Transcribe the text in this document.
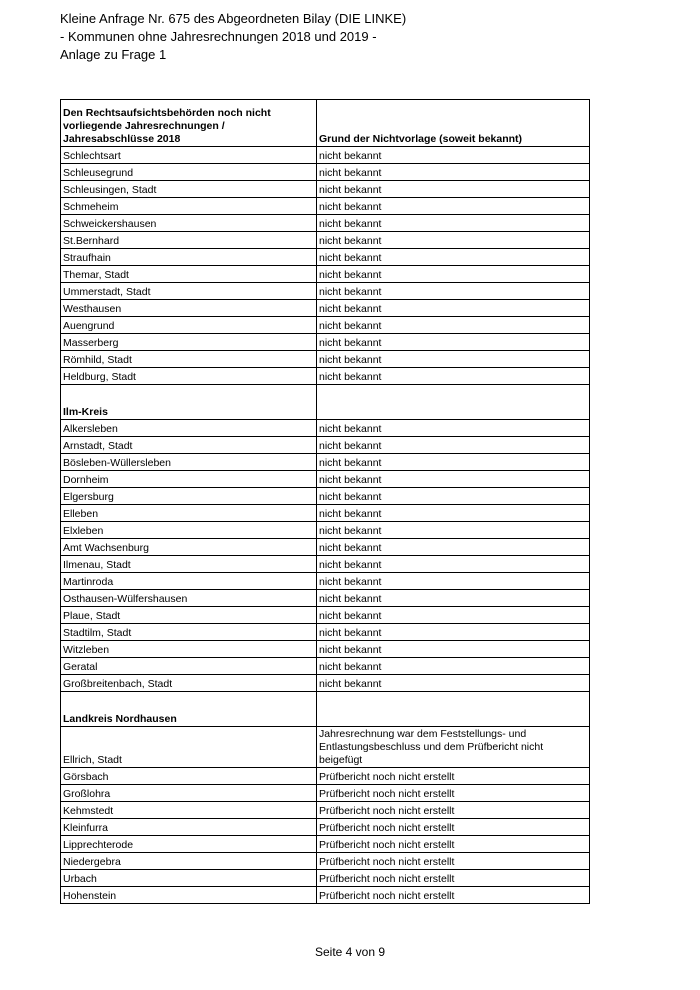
Kleine Anfrage Nr. 675 des Abgeordneten Bilay (DIE LINKE)
- Kommunen ohne Jahresrechnungen 2018 und 2019 -
Anlage zu Frage 1
Den Rechtsaufsichtsbehörden noch nicht vorliegende Jahresrechnungen / Jahresabschlüsse 2018	Grund der Nichtvorlage (soweit bekannt)
Schlechtsart	nicht bekannt
Schleusegrund	nicht bekannt
Schleusingen, Stadt	nicht bekannt
Schmeheim	nicht bekannt
Schweickershausen	nicht bekannt
St.Bernhard	nicht bekannt
Straufhain	nicht bekannt
Themar, Stadt	nicht bekannt
Ummerstadt, Stadt	nicht bekannt
Westhausen	nicht bekannt
Auengrund	nicht bekannt
Masserberg	nicht bekannt
Römhild, Stadt	nicht bekannt
Heldburg, Stadt	nicht bekannt
Ilm-Kreis	
Alkersleben	nicht bekannt
Arnstadt, Stadt	nicht bekannt
Bösleben-Wüllersleben	nicht bekannt
Dornheim	nicht bekannt
Elgersburg	nicht bekannt
Elleben	nicht bekannt
Elxleben	nicht bekannt
Amt Wachsenburg	nicht bekannt
Ilmenau, Stadt	nicht bekannt
Martinroda	nicht bekannt
Osthausen-Wülfershausen	nicht bekannt
Plaue, Stadt	nicht bekannt
Stadtilm, Stadt	nicht bekannt
Witzleben	nicht bekannt
Geratal	nicht bekannt
Großbreitenbach, Stadt	nicht bekannt
Landkreis Nordhausen	
Ellrich, Stadt	Jahresrechnung war dem Feststellungs- und Entlastungsbeschluss und dem Prüfbericht nicht beigefügt
Görsbach	Prüfbericht noch nicht erstellt
Großlohra	Prüfbericht noch nicht erstellt
Kehmstedt	Prüfbericht noch nicht erstellt
Kleinfurra	Prüfbericht noch nicht erstellt
Lipprechterode	Prüfbericht noch nicht erstellt
Niedergebra	Prüfbericht noch nicht erstellt
Urbach	Prüfbericht noch nicht erstellt
Hohenstein	Prüfbericht noch nicht erstellt
Seite 4 von 9
